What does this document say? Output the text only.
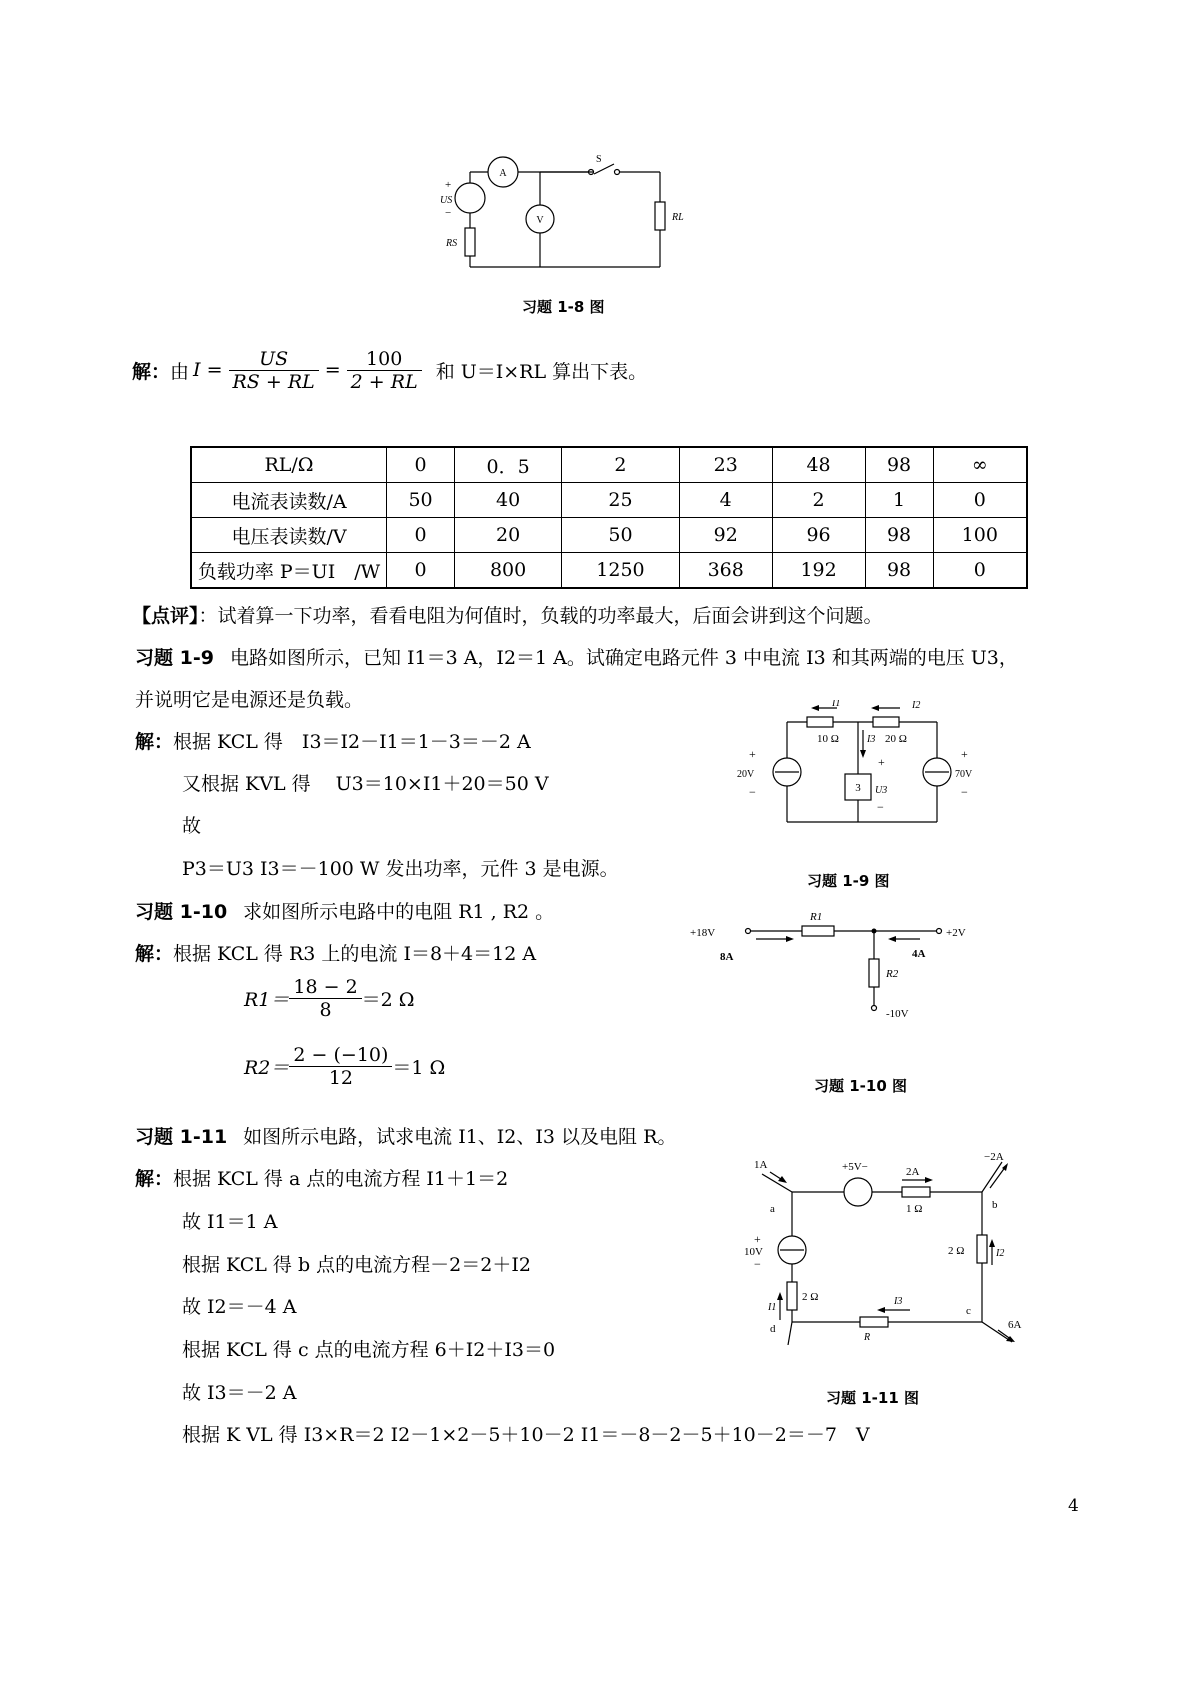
A
V
S
+
US
−
RS
RL
习题 1-8 图
解： 由 $I = \frac{US}{RS + RL} = \frac{100}{2 + RL}$ 和 U＝I×RL 算出下表。
RL/Ω	0	0．5	2	23	48	98	∞
电流表读数/A	50	40	25	4	2	1	0
电压表读数/V	0	20	50	92	96	98	100
负载功率 P＝UI　/W	0	800	1250	368	192	98	0
【点评】：试着算一下功率，看看电阻为何值时，负载的功率最大，后面会讲到这个问题。
习题 1-9 电路如图所示，已知 I1＝3 A，I2＝1 A。试确定电路元件 3 中电流 I3 和其两端的电压 U3，
并说明它是电源还是负载。
解：根据 KCL 得　I3＝I2－I1＝1－3＝－2 A
又根据 KVL 得　 U3＝10×I1＋20＝50 V
故
P3＝U3 I3＝－100 W 发出功率，元件 3 是电源。
I1	I2
10 Ω	I3 20 Ω
+
3 U3
−
+
20V
−
+
70V
−
习题 1-9 图
习题 1-10 求如图所示电路中的电阻 R1 , R2 。
解：根据 KCL 得 R3 上的电流 I＝8＋4＝12 A
$R1= \frac{18 - 2}{8} =2$ Ω
$R2= \frac{2 - (-10)}{12} =1$ Ω
+18V	+2V
R1
8A	4A
R2
-10V
习题 1-10 图
习题 1-11 如图所示电路，试求电流 I1、I2、I3 以及电阻 R。
解：根据 KCL 得 a 点的电流方程 I1＋1＝2
故 I1＝1 A
根据 KCL 得 b 点的电流方程－2＝2＋I2
故 I2＝－4 A
根据 KCL 得 c 点的电流方程 6＋I2＋I3＝0
故 I3＝－2 A
根据 K VL 得 I3×R＝2 I2－1×2－5＋10－2 I1＝－8－2－5＋10－2＝－7　V
1A
a
+5V−	2A
1 Ω
−2A
b
+
10V
−
2 Ω	I2
I1
2 Ω	I3
c
6A
d
R
习题 1-11 图
4
